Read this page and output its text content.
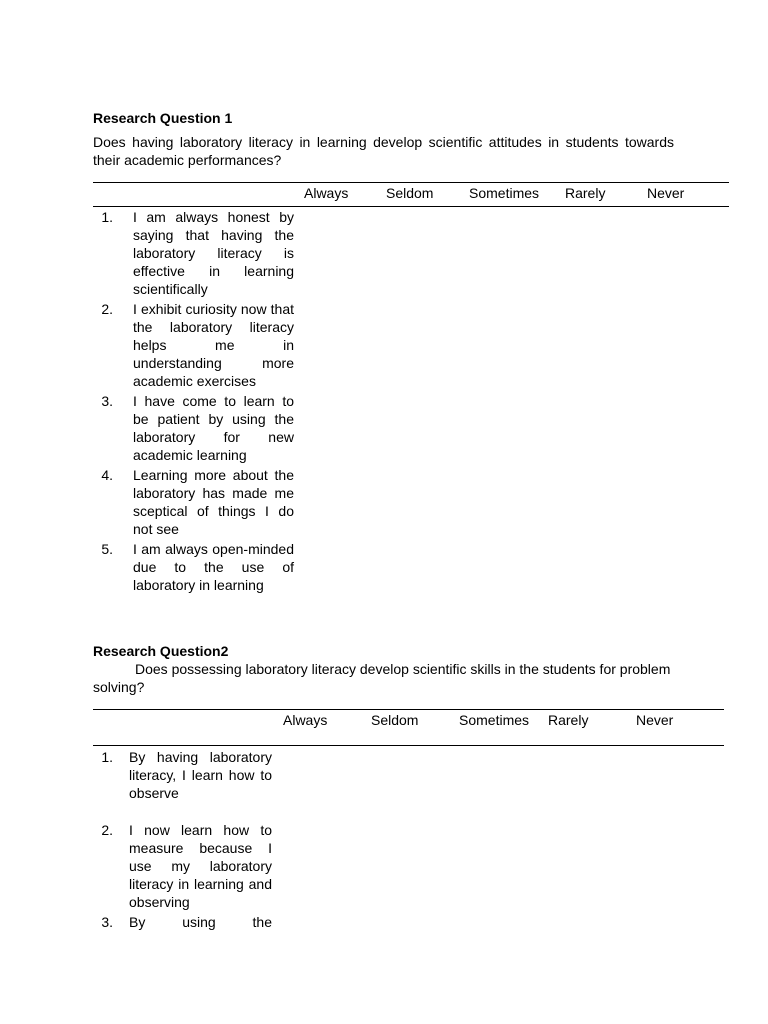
Research Question 1
Does having laboratory literacy in learning develop scientific attitudes in students towards their academic performances?
Always	Seldom	Sometimes Rarely	Never
1. I am always honest by saying that having the laboratory literacy is effective in learning scientifically
2. I exhibit curiosity now that the laboratory literacy helps me in understanding more academic exercises
3. I have come to learn to be patient by using the laboratory for new academic learning
4. Learning more about the laboratory has made me sceptical of things I do not see
5. I am always open-minded due to the use of laboratory in learning
Research Question2
Does possessing laboratory literacy develop scientific skills in the students for problem solving?
Always	Seldom	Sometimes Rarely	Never
1. By having laboratory literacy, I learn how to observe
2. I now learn how to measure because I use my laboratory literacy in learning and observing
3. By using the
